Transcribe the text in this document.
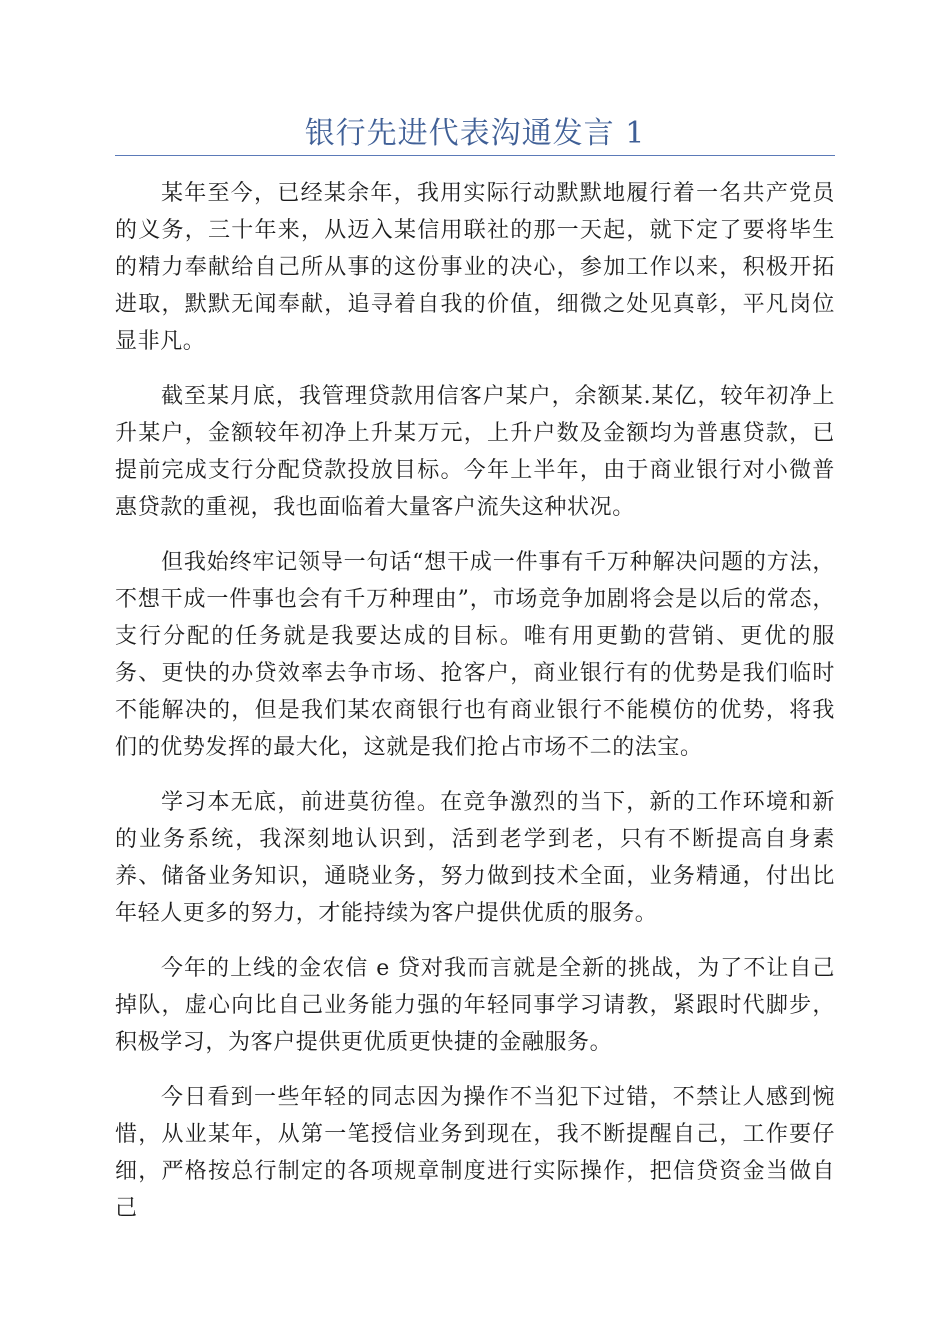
银行先进代表沟通发言 1

某年至今，已经某余年，我用实际行动默默地履行着一名共产党员的义务，三十年来，从迈入某信用联社的那一天起，就下定了要将毕生的精力奉献给自己所从事的这份事业的决心，参加工作以来，积极开拓进取，默默无闻奉献，追寻着自我的价值，细微之处见真彰，平凡岗位显非凡。

截至某月底，我管理贷款用信客户某户，余额某.某亿，较年初净上升某户，金额较年初净上升某万元，上升户数及金额均为普惠贷款，已提前完成支行分配贷款投放目标。今年上半年，由于商业银行对小微普惠贷款的重视，我也面临着大量客户流失这种状况。

但我始终牢记领导一句话“想干成一件事有千万种解决问题的方法，不想干成一件事也会有千万种理由”，市场竞争加剧将会是以后的常态，支行分配的任务就是我要达成的目标。唯有用更勤的营销、更优的服务、更快的办贷效率去争市场、抢客户，商业银行有的优势是我们临时不能解决的，但是我们某农商银行也有商业银行不能模仿的优势，将我们的优势发挥的最大化，这就是我们抢占市场不二的法宝。

学习本无底，前进莫彷徨。在竞争激烈的当下，新的工作环境和新的业务系统，我深刻地认识到，活到老学到老，只有不断提高自身素养、储备业务知识，通晓业务，努力做到技术全面，业务精通，付出比年轻人更多的努力，才能持续为客户提供优质的服务。

今年的上线的金农信 e 贷对我而言就是全新的挑战，为了不让自己掉队，虚心向比自己业务能力强的年轻同事学习请教，紧跟时代脚步，积极学习，为客户提供更优质更快捷的金融服务。

今日看到一些年轻的同志因为操作不当犯下过错，不禁让人感到惋惜，从业某年，从第一笔授信业务到现在，我不断提醒自己，工作要仔细，严格按总行制定的各项规章制度进行实际操作，把信贷资金当做自己
